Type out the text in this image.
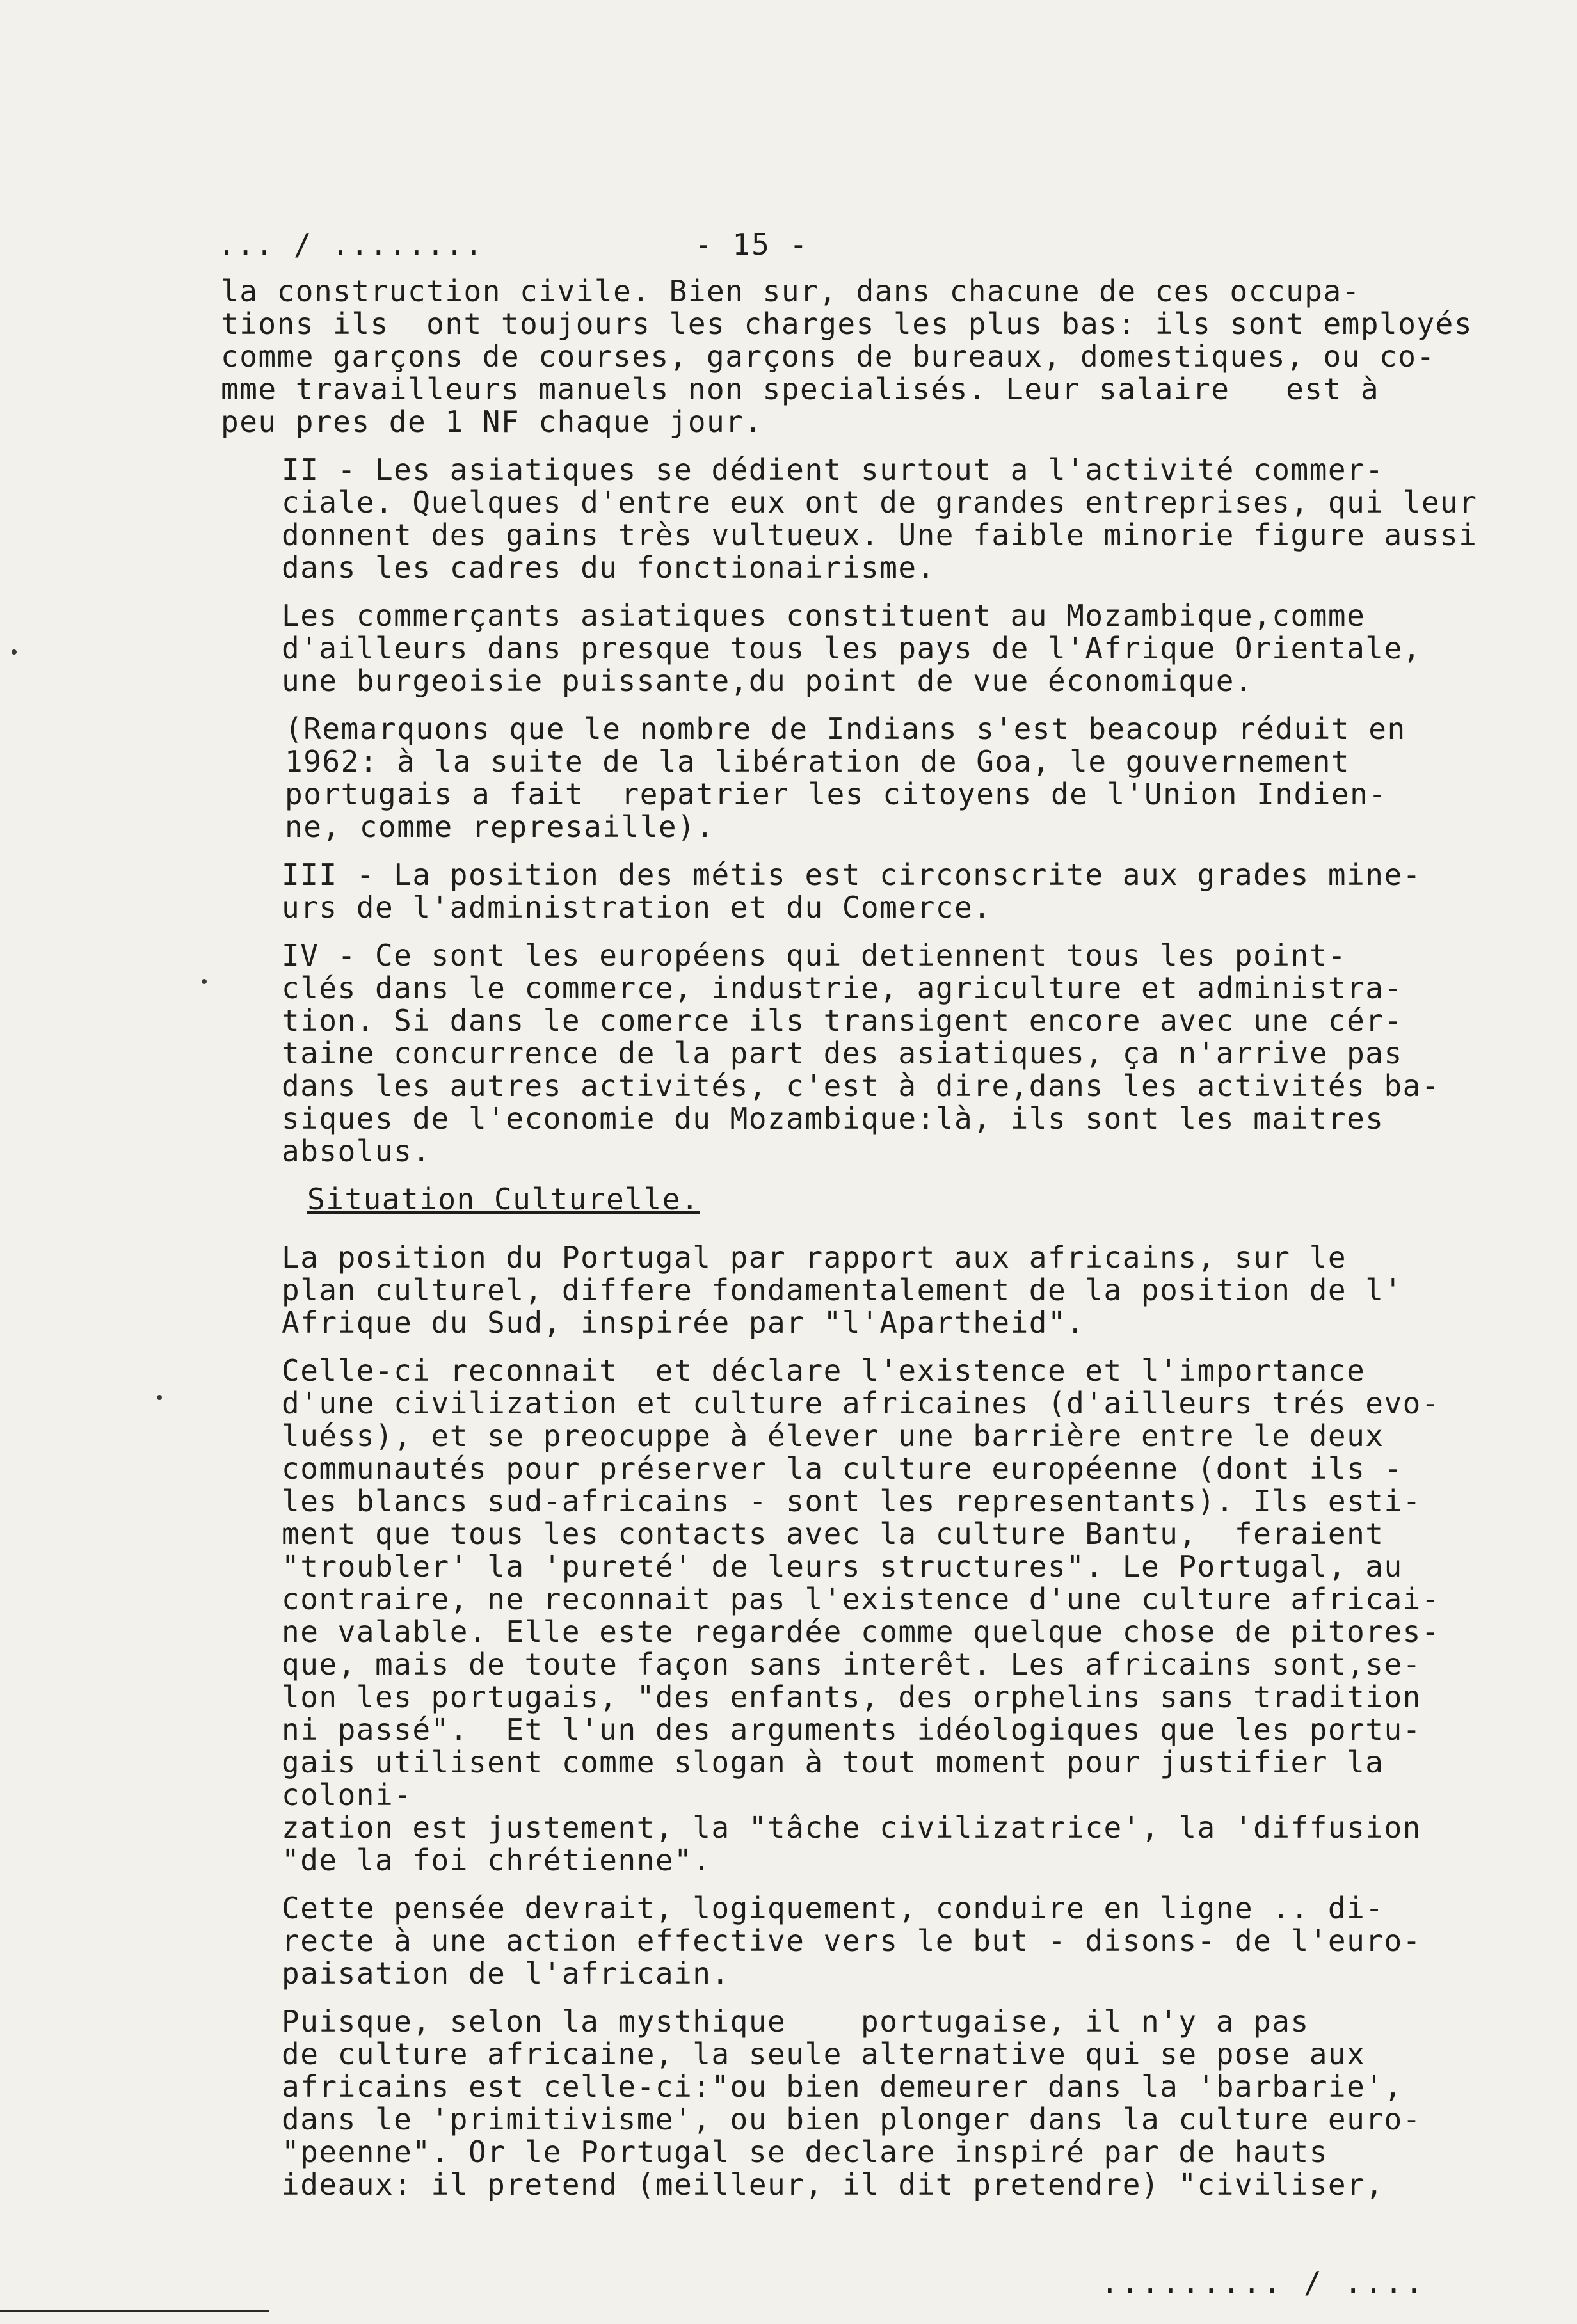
... / ........	- 15 -

la construction civile. Bien sur, dans chacune de ces occupa-
tions ils  ont toujours les charges les plus bas: ils sont employés
comme garçons de courses, garçons de bureaux, domestiques, ou co-
mme travailleurs manuels non specialisés. Leur salaire   est à
peu pres de 1 NF chaque jour.

II - Les asiatiques se dédient surtout a l'activité commer-
ciale. Quelques d'entre eux ont de grandes entreprises, qui leur
donnent des gains très vultueux. Une faible minorie figure aussi
dans les cadres du fonctionairisme.

Les commerçants asiatiques constituent au Mozambique,comme
d'ailleurs dans presque tous les pays de l'Afrique Orientale,
une burgeoisie puissante,du point de vue économique.

(Remarquons que le nombre de Indians s'est beacoup réduit en
1962: à la suite de la libération de Goa, le gouvernement
portugais a fait  repatrier les citoyens de l'Union Indien-
ne, comme represaille).

III - La position des métis est circonscrite aux grades mine-
urs de l'administration et du Comerce.

IV - Ce sont les européens qui detiennent tous les point-
clés dans le commerce, industrie, agriculture et administra-
tion. Si dans le comerce ils transigent encore avec une cér-
taine concurrence de la part des asiatiques, ça n'arrive pas
dans les autres activités, c'est à dire,dans les activités ba-
siques de l'economie du Mozambique:là, ils sont les maitres
absolus.

Situation Culturelle.

La position du Portugal par rapport aux africains, sur le
plan culturel, differe fondamentalement de la position de l'
Afrique du Sud, inspirée par "l'Apartheid".

Celle-ci reconnait  et déclare l'existence et l'importance
d'une civilization et culture africaines (d'ailleurs trés evo-
luéss), et se preocuppe à élever une barrière entre le deux
communautés pour préserver la culture européenne (dont ils -
les blancs sud-africains - sont les representants). Ils esti-
ment que tous les contacts avec la culture Bantu,  feraient
"troubler' la 'pureté' de leurs structures". Le Portugal, au
contraire, ne reconnait pas l'existence d'une culture africai-
ne valable. Elle este regardée comme quelque chose de pitores-
que, mais de toute façon sans interêt. Les africains sont,se-
lon les portugais, "des enfants, des orphelins sans tradition
ni passé".  Et l'un des arguments idéologiques que les portu-
gais utilisent comme slogan à tout moment pour justifier la coloni-
zation est justement, la "tâche civilizatrice', la 'diffusion
"de la foi chrétienne".

Cette pensée devrait, logiquement, conduire en ligne .. di-
recte à une action effective vers le but - disons- de l'euro-
paisation de l'africain.

Puisque, selon la mysthique    portugaise, il n'y a pas
de culture africaine, la seule alternative qui se pose aux
africains est celle-ci:"ou bien demeurer dans la 'barbarie',
dans le 'primitivisme', ou bien plonger dans la culture euro-
"peenne". Or le Portugal se declare inspiré par de hauts
ideaux: il pretend (meilleur, il dit pretendre) "civiliser,

......... / ....
